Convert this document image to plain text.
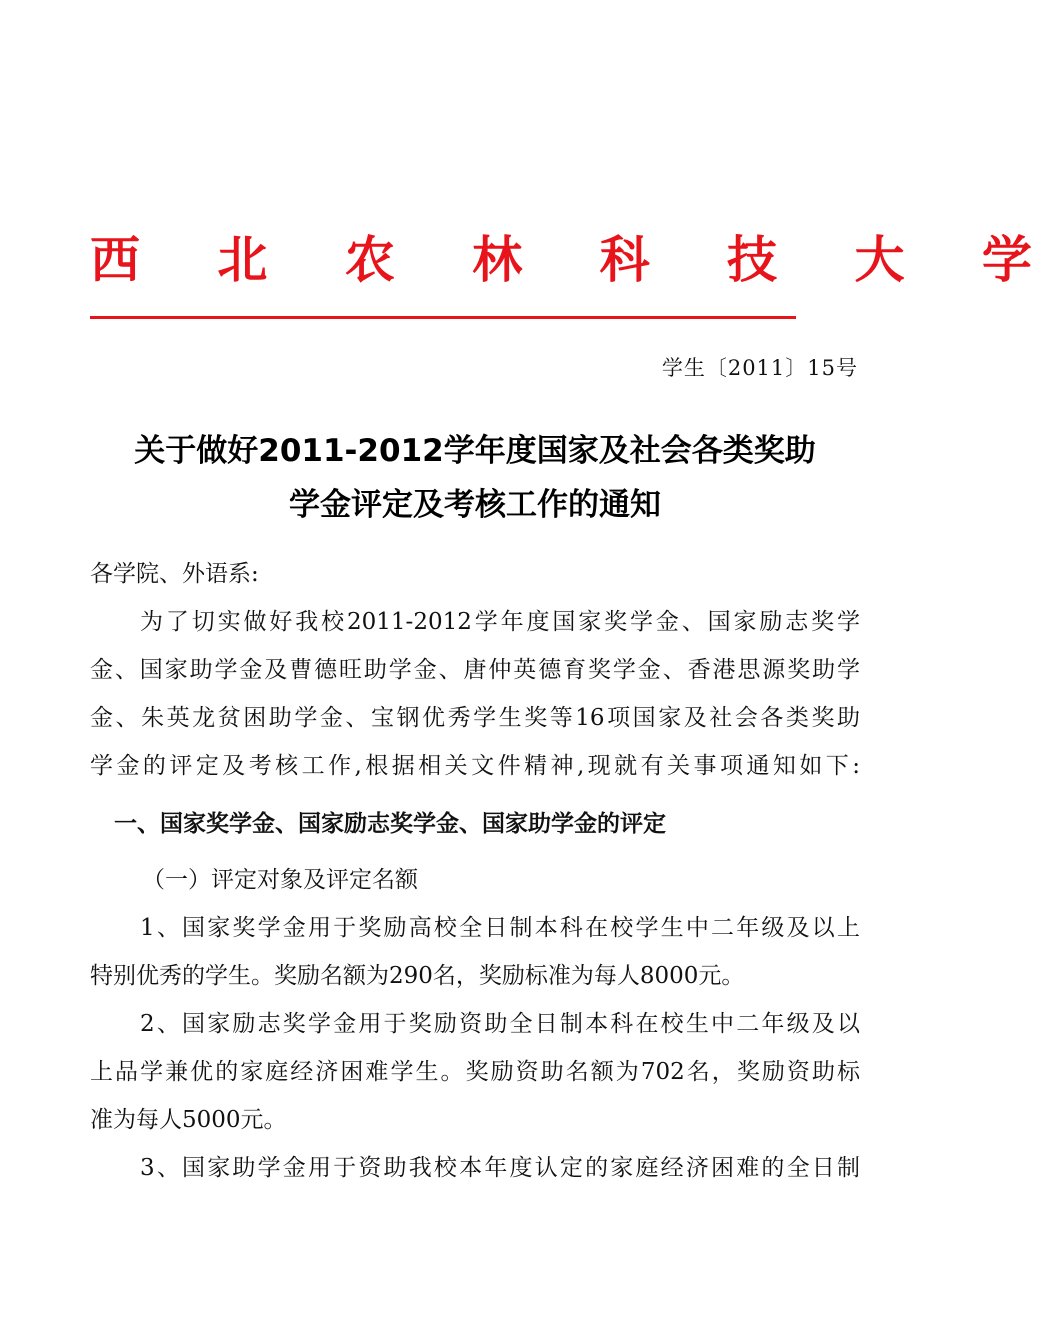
西 北 农 林 科 技 大 学
学生〔2011〕15号
关于做好2011-2012学年度国家及社会各类奖助
学金评定及考核工作的通知
各学院、外语系:
为了切实做好我校2011-2012学年度国家奖学金、国家励志奖学
金、国家助学金及曹德旺助学金、唐仲英德育奖学金、香港思源奖助学
金、朱英龙贫困助学金、宝钢优秀学生奖等16项国家及社会各类奖助
学金的评定及考核工作,根据相关文件精神,现就有关事项通知如下:
一、国家奖学金、国家励志奖学金、国家助学金的评定
（一）评定对象及评定名额
1、国家奖学金用于奖励高校全日制本科在校学生中二年级及以上
特别优秀的学生。奖励名额为290名，奖励标准为每人8000元。
2、国家励志奖学金用于奖励资助全日制本科在校生中二年级及以
上品学兼优的家庭经济困难学生。奖励资助名额为702名，奖励资助标
准为每人5000元。
3、国家助学金用于资助我校本年度认定的家庭经济困难的全日制
